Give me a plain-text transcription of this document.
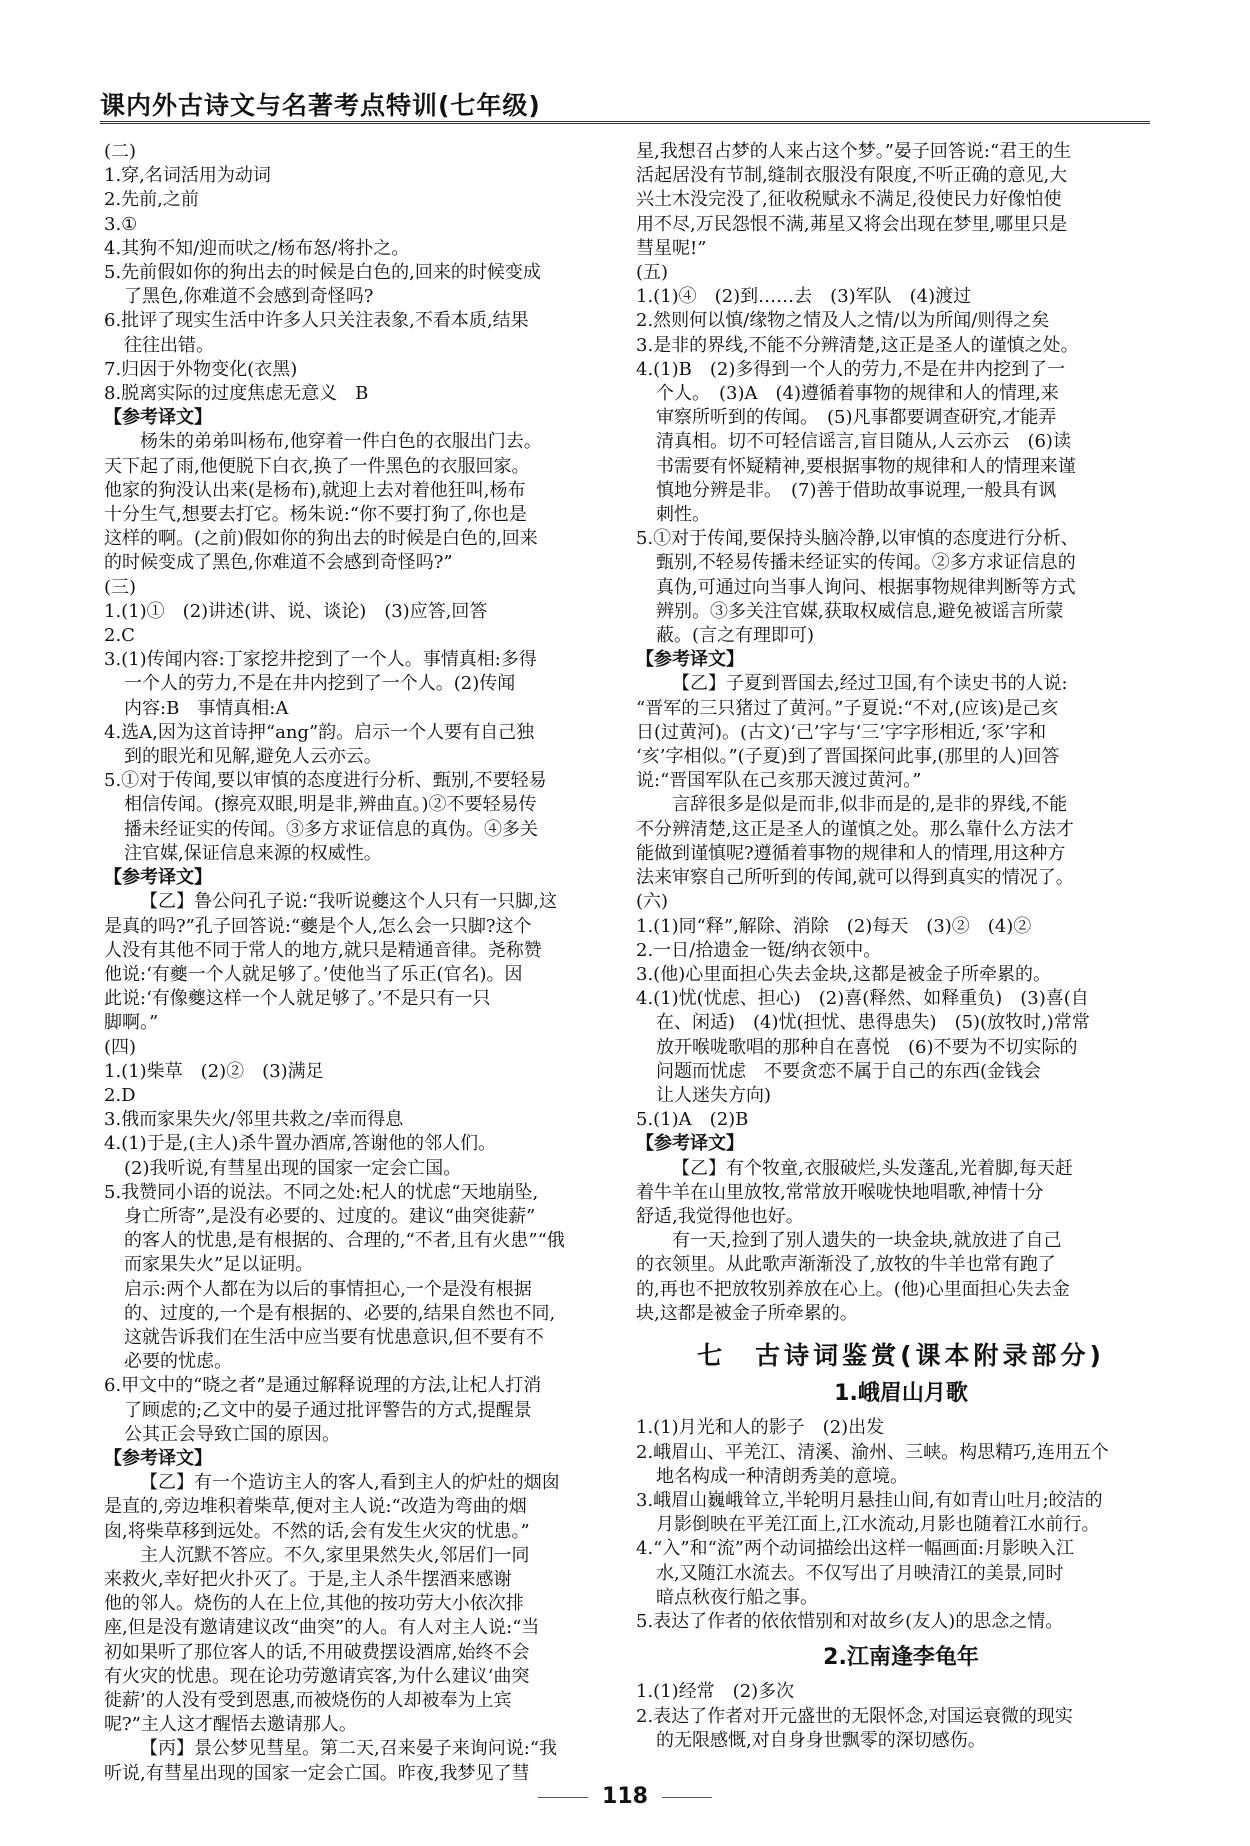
课内外古诗文与名著考点特训(七年级)
(二)
1.穿,名词活用为动词
2.先前,之前
3.①
4.其狗不知/迎而吠之/杨布怒/将扑之。
5.先前假如你的狗出去的时候是白色的,回来的时候变成
了黑色,你难道不会感到奇怪吗?
6.批评了现实生活中许多人只关注表象,不看本质,结果
往往出错。
7.归因于外物变化(衣黑)
8.脱离实际的过度焦虑无意义　B
【参考译文】
杨朱的弟弟叫杨布,他穿着一件白色的衣服出门去。
天下起了雨,他便脱下白衣,换了一件黑色的衣服回家。
他家的狗没认出来(是杨布),就迎上去对着他狂叫,杨布
十分生气,想要去打它。杨朱说:“你不要打狗了,你也是
这样的啊。(之前)假如你的狗出去的时候是白色的,回来
的时候变成了黑色,你难道不会感到奇怪吗?”
(三)
1.(1)①　(2)讲述(讲、说、谈论)　(3)应答,回答
2.C
3.(1)传闻内容:丁家挖井挖到了一个人。事情真相:多得
一个人的劳力,不是在井内挖到了一个人。(2)传闻
内容:B　事情真相:A
4.选A,因为这首诗押“ang”韵。启示一个人要有自己独
到的眼光和见解,避免人云亦云。
5.①对于传闻,要以审慎的态度进行分析、甄别,不要轻易
相信传闻。(擦亮双眼,明是非,辨曲直。)②不要轻易传
播未经证实的传闻。③多方求证信息的真伪。④多关
注官媒,保证信息来源的权威性。
【参考译文】
【乙】鲁公问孔子说:“我听说夔这个人只有一只脚,这
是真的吗?”孔子回答说:“夔是个人,怎么会一只脚?这个
人没有其他不同于常人的地方,就只是精通音律。尧称赞
他说:‘有夔一个人就足够了。’使他当了乐正(官名)。因
此说:‘有像夔这样一个人就足够了。’不是只有一只
脚啊。”
(四)
1.(1)柴草　(2)②　(3)满足
2.D
3.俄而家果失火/邻里共救之/幸而得息
4.(1)于是,(主人)杀牛置办酒席,答谢他的邻人们。
(2)我听说,有彗星出现的国家一定会亡国。
5.我赞同小语的说法。不同之处:杞人的忧虑“天地崩坠,
身亡所寄”,是没有必要的、过度的。建议“曲突徙薪”
的客人的忧患,是有根据的、合理的,“不者,且有火患”“俄
而家果失火”足以证明。
启示:两个人都在为以后的事情担心,一个是没有根据
的、过度的,一个是有根据的、必要的,结果自然也不同,
这就告诉我们在生活中应当要有忧患意识,但不要有不
必要的忧虑。
6.甲文中的“晓之者”是通过解释说理的方法,让杞人打消
了顾虑的;乙文中的晏子通过批评警告的方式,提醒景
公其正会导致亡国的原因。
【参考译文】
【乙】有一个造访主人的客人,看到主人的炉灶的烟囱
是直的,旁边堆积着柴草,便对主人说:“改造为弯曲的烟
囱,将柴草移到远处。不然的话,会有发生火灾的忧患。”
主人沉默不答应。不久,家里果然失火,邻居们一同
来救火,幸好把火扑灭了。于是,主人杀牛摆酒来感谢
他的邻人。烧伤的人在上位,其他的按功劳大小依次排
座,但是没有邀请建议改“曲突”的人。有人对主人说:“当
初如果听了那位客人的话,不用破费摆设酒席,始终不会
有火灾的忧患。现在论功劳邀请宾客,为什么建议‘曲突
徙薪’的人没有受到恩惠,而被烧伤的人却被奉为上宾
呢?”主人这才醒悟去邀请那人。
【丙】景公梦见彗星。第二天,召来晏子来询问说:“我
听说,有彗星出现的国家一定会亡国。昨夜,我梦见了彗
星,我想召占梦的人来占这个梦。”晏子回答说:“君王的生
活起居没有节制,缝制衣服没有限度,不听正确的意见,大
兴土木没完没了,征收税赋永不满足,役使民力好像怕使
用不尽,万民怨恨不满,茀星又将会出现在梦里,哪里只是
彗星呢!”
(五)
1.(1)④　(2)到……去　(3)军队　(4)渡过
2.然则何以慎/缘物之情及人之情/以为所闻/则得之矣
3.是非的界线,不能不分辨清楚,这正是圣人的谨慎之处。
4.(1)B　(2)多得到一个人的劳力,不是在井内挖到了一
个人。　(3)A　(4)遵循着事物的规律和人的情理,来
审察所听到的传闻。　(5)凡事都要调查研究,才能弄
清真相。切不可轻信谣言,盲目随从,人云亦云　(6)读
书需要有怀疑精神,要根据事物的规律和人的情理来谨
慎地分辨是非。　(7)善于借助故事说理,一般具有讽
刺性。
5.①对于传闻,要保持头脑冷静,以审慎的态度进行分析、
甄别,不轻易传播未经证实的传闻。②多方求证信息的
真伪,可通过向当事人询问、根据事物规律判断等方式
辨别。③多关注官媒,获取权威信息,避免被谣言所蒙
蔽。(言之有理即可)
【参考译文】
【乙】子夏到晋国去,经过卫国,有个读史书的人说:
“晋军的三只猪过了黄河。”子夏说:“不对,(应该)是己亥
日(过黄河)。(古文)‘己’字与‘三’字字形相近,‘豕’字和
‘亥’字相似。”(子夏)到了晋国探问此事,(那里的人)回答
说:“晋国军队在己亥那天渡过黄河。”
言辞很多是似是而非,似非而是的,是非的界线,不能
不分辨清楚,这正是圣人的谨慎之处。那么靠什么方法才
能做到谨慎呢?遵循着事物的规律和人的情理,用这种方
法来审察自己所听到的传闻,就可以得到真实的情况了。
(六)
1.(1)同“释”,解除、消除　(2)每天　(3)②　(4)②
2.一日/拾遗金一铤/纳衣领中。
3.(他)心里面担心失去金块,这都是被金子所牵累的。
4.(1)忧(忧虑、担心)　(2)喜(释然、如释重负)　(3)喜(自
在、闲适)　(4)忧(担忧、患得患失)　(5)(放牧时,)常常
放开喉咙歌唱的那种自在喜悦　(6)不要为不切实际的
问题而忧虑　不要贪恋不属于自己的东西(金钱会
让人迷失方向)
5.(1)A　(2)B
【参考译文】
【乙】有个牧童,衣服破烂,头发蓬乱,光着脚,每天赶
着牛羊在山里放牧,常常放开喉咙快地唱歌,神情十分
舒适,我觉得他也好。
有一天,捡到了别人遗失的一块金块,就放进了自己
的衣领里。从此歌声渐渐没了,放牧的牛羊也常有跑了
的,再也不把放牧别养放在心上。(他)心里面担心失去金
块,这都是被金子所牵累的。
七　古诗词鉴赏(课本附录部分)
1.峨眉山月歌
1.(1)月光和人的影子　(2)出发
2.峨眉山、平羌江、清溪、渝州、三峡。构思精巧,连用五个
地名构成一种清朗秀美的意境。
3.峨眉山巍峨耸立,半轮明月悬挂山间,有如青山吐月;皎洁的
月影倒映在平羌江面上,江水流动,月影也随着江水前行。
4.“入”和“流”两个动词描绘出这样一幅画面:月影映入江
水,又随江水流去。不仅写出了月映清江的美景,同时
暗点秋夜行船之事。
5.表达了作者的依依惜别和对故乡(友人)的思念之情。
2.江南逢李龟年
1.(1)经常　(2)多次
2.表达了作者对开元盛世的无限怀念,对国运衰微的现实
的无限感慨,对自身身世飘零的深切感伤。
118
